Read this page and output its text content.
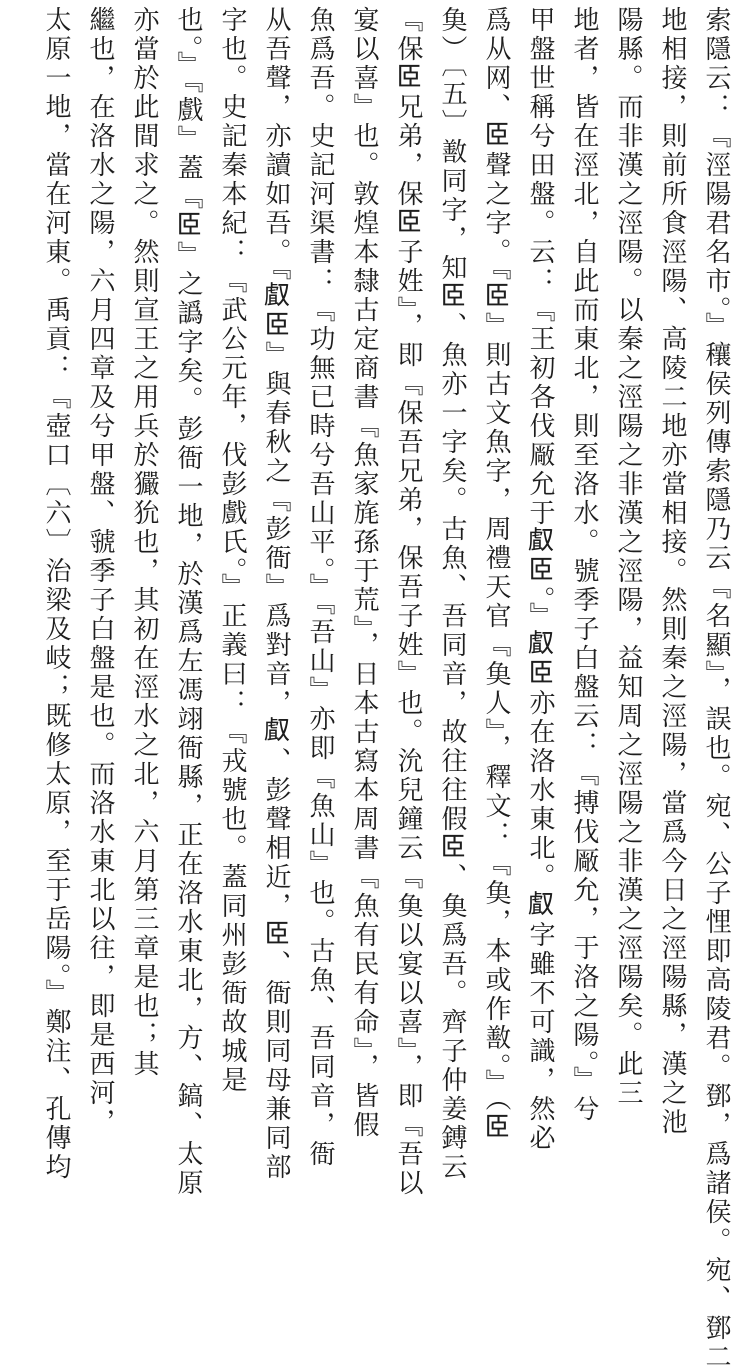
索隱云：『涇陽君名市。』穰侯列傳索隱乃云『名顯』，誤也。宛、公子悝即高陵君。鄧，爲諸侯。宛、鄧二
地相接，則前所食涇陽、高陵二地亦當相接。然則秦之涇陽，當爲今日之涇陽縣，漢之池
陽縣。而非漢之涇陽。以秦之涇陽之非漢之涇陽，益知周之涇陽之非漢之涇陽矣。此三
地者，皆在涇北，自此而東北，則至洛水。號季子白盤云：『搏伐厰允，于洛之陽。』兮
甲盤世稱兮田盤。云：『王初各伐厰允于𠭯𦣞。』𠭯𦣞亦在洛水東北。𠭯字雖不可識，然必
爲从网、𦣞聲之字。『𦣞』則古文魚字，周禮天官『𩵋人』，釋文：『𩵋，本或作敾。』（𦣞
𩵋）〔五〕敾同字，知𦣞、魚亦一字矣。古魚、吾同音，故往往假𦣞、𩵋爲吾。齊子仲姜鎛云
『保𦣞兄弟，保𦣞子姓』，即『保吾兄弟，保吾子姓』也。沇兒鐘云『𩵋以宴以喜』，即『吾以
宴以喜』也。敦煌本隸古定商書『魚家旄孫于荒』，日本古寫本周書『魚有民有命』，皆假
魚爲吾。史記河渠書：『功無已時兮吾山平。』『吾山』亦即『魚山』也。古魚、吾同音，衙
从吾聲，亦讀如吾。『𠭯𦣞』與春秋之『彭衙』爲對音，𠭯、彭聲相近，𦣞、衙則同母兼同部
字也。史記秦本紀：『武公元年，伐彭戲氏。』正義曰：『戎號也。蓋同州彭衙故城是
也。』『戲』蓋『𦣞』之譌字矣。彭衙一地，於漢爲左馮翊衙縣，正在洛水東北，方、鎬、太原
亦當於此間求之。然則宣王之用兵於玁狁也，其初在涇水之北，六月第三章是也；其
繼也，在洛水之陽，六月四章及兮甲盤、虢季子白盤是也。而洛水東北以往，即是西河，
太原一地，當在河東。禹貢：『壺口〔六〕治梁及岐；既修太原，至于岳陽。』鄭注、孔傳均
